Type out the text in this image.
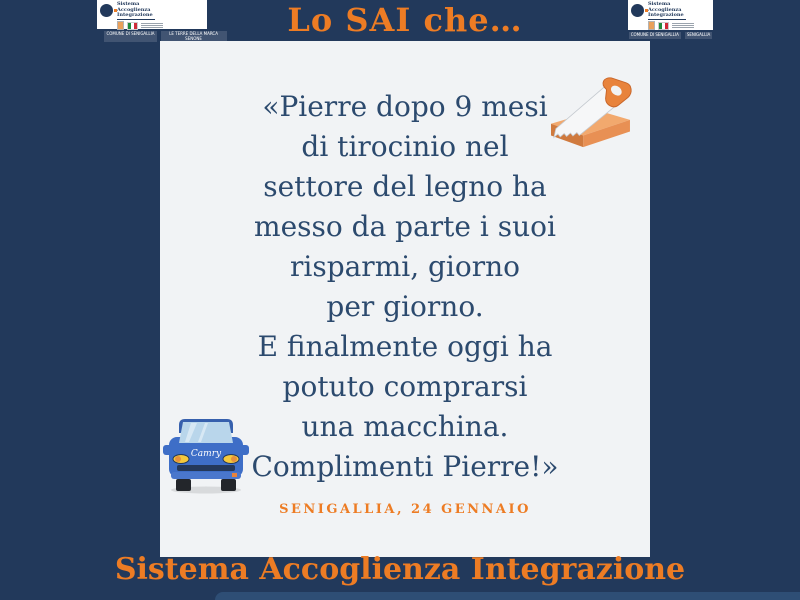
Lo SAI che…
Sistema
Accoglienza
Integrazione
COMUNE DI SENIGALLIA	LE TERRE DELLA MARCA SENONE
Sistema
Accoglienza
Integrazione
COMUNE DI SENIGALLIA	SENIGALLIA
Camry
«Pierre dopo 9 mesi
di tirocinio nel
settore del legno ha
messo da parte i suoi
risparmi, giorno
per giorno.
E finalmente oggi ha
potuto comprarsi
una macchina.
Complimenti Pierre!»
SENIGALLIA, 24 GENNAIO
Sistema Accoglienza Integrazione
